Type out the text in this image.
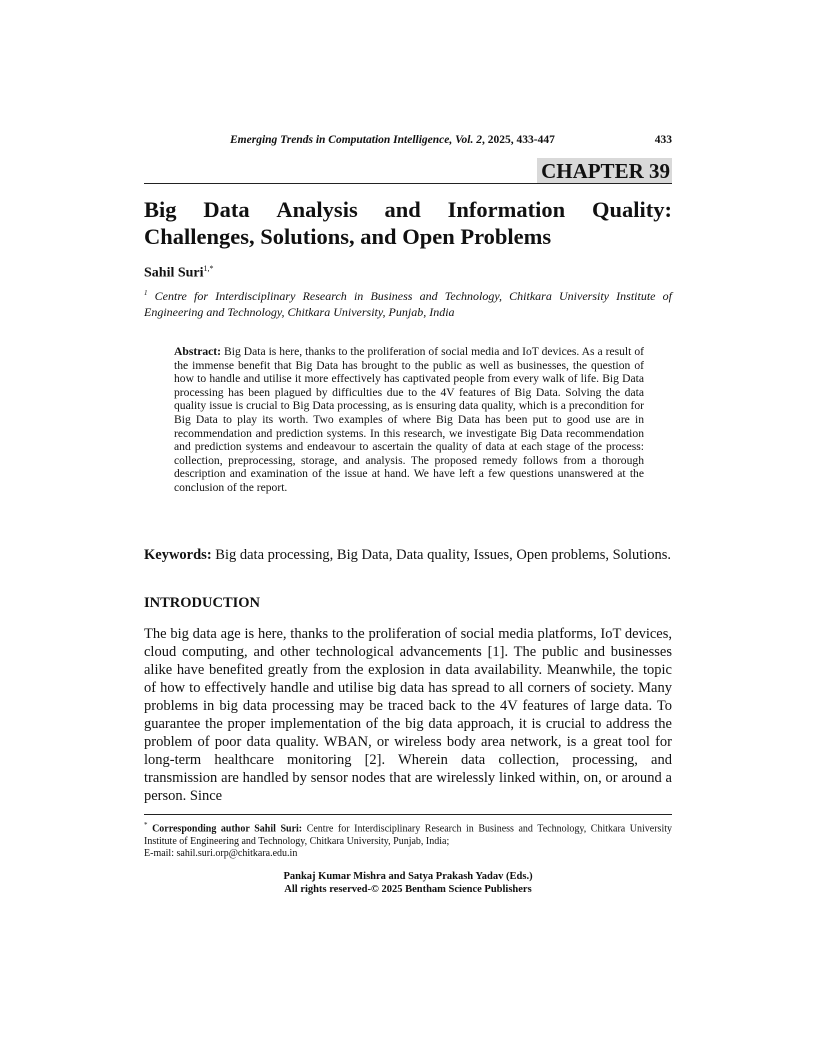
Emerging Trends in Computation Intelligence, Vol. 2, 2025, 433-447	433
CHAPTER 39
Big Data Analysis and Information Quality:
Challenges, Solutions, and Open Problems
Sahil Suri$^{1,*}$
$^1$ Centre for Interdisciplinary Research in Business and Technology, Chitkara University Institute of Engineering and Technology, Chitkara University, Punjab, India

Abstract: Big Data is here, thanks to the proliferation of social media and IoT devices. As a result of the immense benefit that Big Data has brought to the public as well as businesses, the question of how to handle and utilise it more effectively has captivated people from every walk of life. Big Data processing has been plagued by difficulties due to the 4V features of Big Data. Solving the data quality issue is crucial to Big Data processing, as is ensuring data quality, which is a precondition for Big Data to play its worth. Two examples of where Big Data has been put to good use are in recommendation and prediction systems. In this research, we investigate Big Data recommendation and prediction systems and endeavour to ascertain the quality of data at each stage of the process: collection, preprocessing, storage, and analysis. The proposed remedy follows from a thorough description and examination of the issue at hand. We have left a few questions unanswered at the conclusion of the report.

Keywords: Big data processing, Big Data, Data quality, Issues, Open problems, Solutions.

INTRODUCTION

The big data age is here, thanks to the proliferation of social media platforms, IoT devices, cloud computing, and other technological advancements [1]. The public and businesses alike have benefited greatly from the explosion in data availability. Meanwhile, the topic of how to effectively handle and utilise big data has spread to all corners of society. Many problems in big data processing may be traced back to the 4V features of large data. To guarantee the proper implementation of the big data approach, it is crucial to address the problem of poor data quality. WBAN, or wireless body area network, is a great tool for long-term healthcare monitoring [2]. Wherein data collection, processing, and transmission are handled by sensor nodes that are wirelessly linked within, on, or around a person. Since

* Corresponding author Sahil Suri: Centre for Interdisciplinary Research in Business and Technology, Chitkara University Institute of Engineering and Technology, Chitkara University, Punjab, India;
E-mail: sahil.suri.orp@chitkara.edu.in

Pankaj Kumar Mishra and Satya Prakash Yadav (Eds.)
All rights reserved-© 2025 Bentham Science Publishers
